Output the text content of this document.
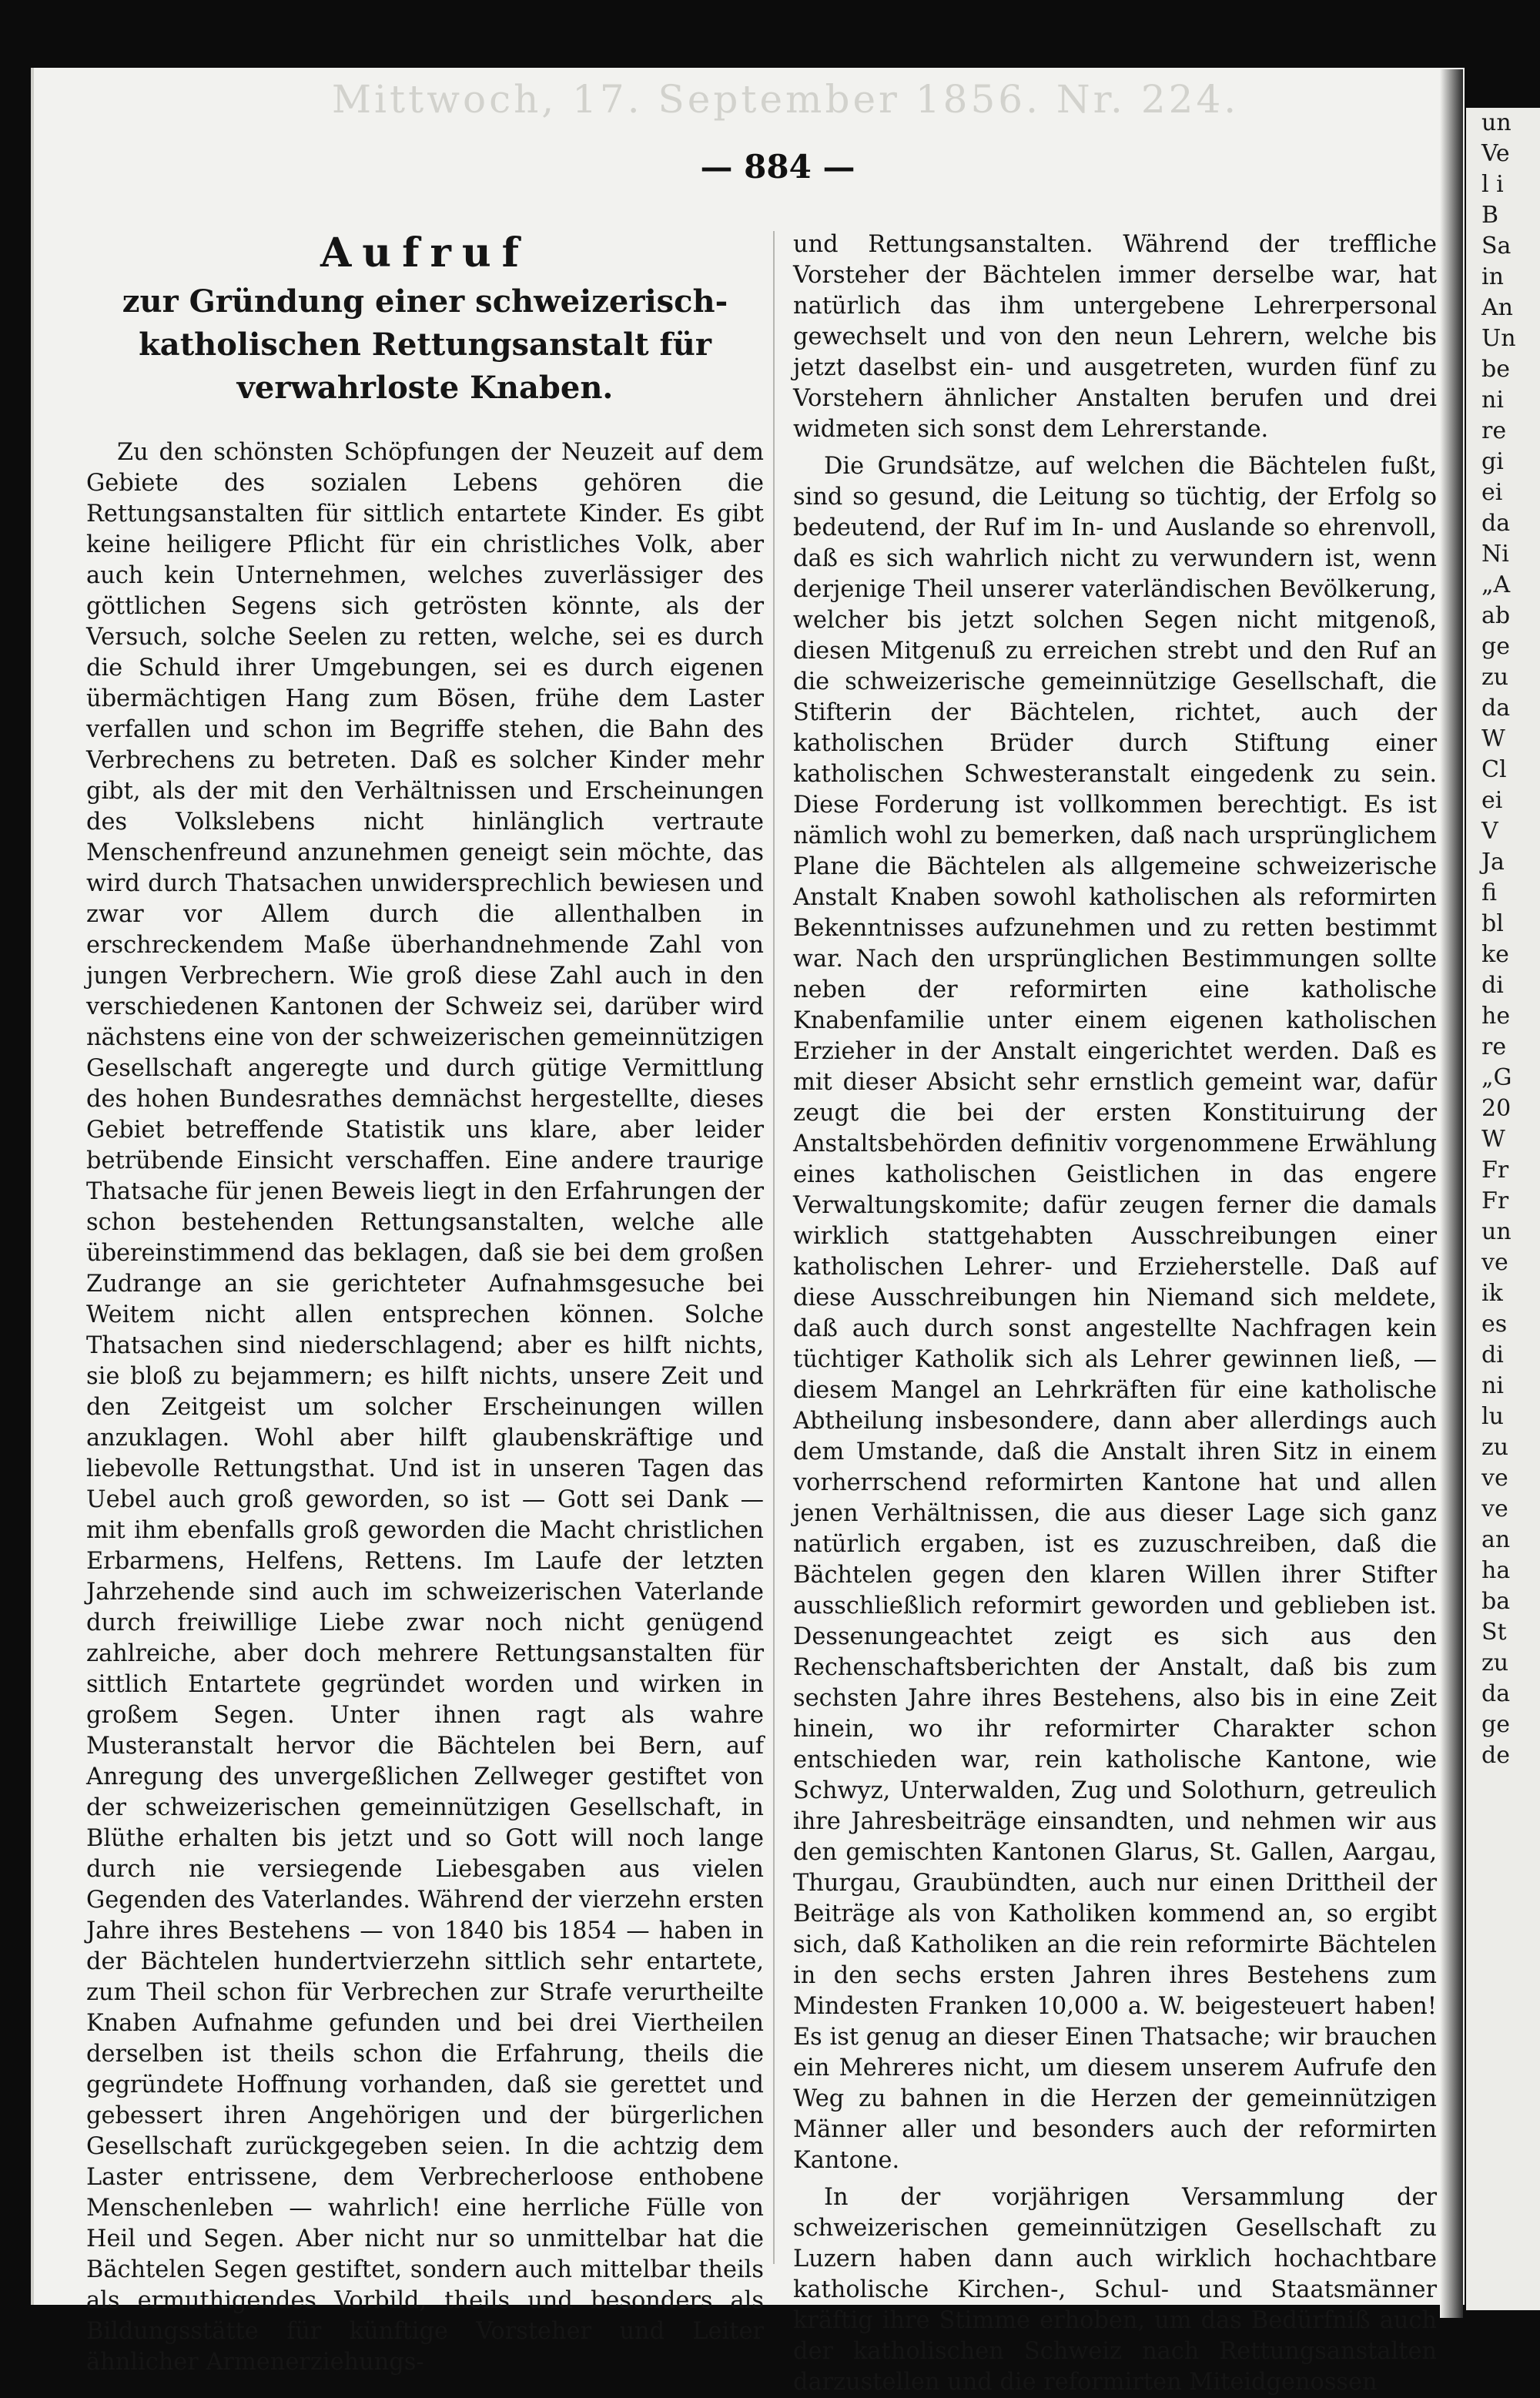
Mittwoch, 17. September 1856. Nr. 224.
— 884 —
Aufruf
zur Gründung einer schweizerisch-katholischen Rettungsanstalt für verwahrloste Knaben.

Zu den schönsten Schöpfungen der Neuzeit auf dem Gebiete des sozialen Lebens gehören die Rettungsanstalten für sittlich entartete Kinder. Es gibt keine heiligere Pflicht für ein christliches Volk, aber auch kein Unternehmen, welches zuverlässiger des göttlichen Segens sich getrösten könnte, als der Versuch, solche Seelen zu retten, welche, sei es durch die Schuld ihrer Umgebungen, sei es durch eigenen übermächtigen Hang zum Bösen, frühe dem Laster verfallen und schon im Begriffe stehen, die Bahn des Verbrechens zu betreten. Daß es solcher Kinder mehr gibt, als der mit den Verhältnissen und Erscheinungen des Volkslebens nicht hinlänglich vertraute Menschenfreund anzunehmen geneigt sein möchte, das wird durch Thatsachen unwidersprechlich bewiesen und zwar vor Allem durch die allenthalben in erschreckendem Maße überhandnehmende Zahl von jungen Verbrechern. Wie groß diese Zahl auch in den verschiedenen Kantonen der Schweiz sei, darüber wird nächstens eine von der schweizerischen gemeinnützigen Gesellschaft angeregte und durch gütige Vermittlung des hohen Bundesrathes demnächst hergestellte, dieses Gebiet betreffende Statistik uns klare, aber leider betrübende Einsicht verschaffen. Eine andere traurige Thatsache für jenen Beweis liegt in den Erfahrungen der schon bestehenden Rettungsanstalten, welche alle übereinstimmend das beklagen, daß sie bei dem großen Zudrange an sie gerichteter Aufnahmsgesuche bei Weitem nicht allen entsprechen können. Solche Thatsachen sind niederschlagend; aber es hilft nichts, sie bloß zu bejammern; es hilft nichts, unsere Zeit und den Zeitgeist um solcher Erscheinungen willen anzuklagen. Wohl aber hilft glaubenskräftige und liebevolle Rettungsthat. Und ist in unseren Tagen das Uebel auch groß geworden, so ist — Gott sei Dank — mit ihm ebenfalls groß geworden die Macht christlichen Erbarmens, Helfens, Rettens. Im Laufe der letzten Jahrzehende sind auch im schweizerischen Vaterlande durch freiwillige Liebe zwar noch nicht genügend zahlreiche, aber doch mehrere Rettungsanstalten für sittlich Entartete gegründet worden und wirken in großem Segen. Unter ihnen ragt als wahre Musteranstalt hervor die Bächtelen bei Bern, auf Anregung des unvergeßlichen Zellweger gestiftet von der schweizerischen gemeinnützigen Gesellschaft, in Blüthe erhalten bis jetzt und so Gott will noch lange durch nie versiegende Liebesgaben aus vielen Gegenden des Vaterlandes. Während der vierzehn ersten Jahre ihres Bestehens — von 1840 bis 1854 — haben in der Bächtelen hundertvierzehn sittlich sehr entartete, zum Theil schon für Verbrechen zur Strafe verurtheilte Knaben Aufnahme gefunden und bei drei Viertheilen derselben ist theils schon die Erfahrung, theils die gegründete Hoffnung vorhanden, daß sie gerettet und gebessert ihren Angehörigen und der bürgerlichen Gesellschaft zurückgegeben seien. In die achtzig dem Laster entrissene, dem Verbrecherloose enthobene Menschenleben — wahrlich! eine herrliche Fülle von Heil und Segen. Aber nicht nur so unmittelbar hat die Bächtelen Segen gestiftet, sondern auch mittelbar theils als ermuthigendes Vorbild, theils und besonders als Bildungsstätte für künftige Vorsteher und Leiter ähnlicher Armenerziehungs-

und Rettungsanstalten. Während der treffliche Vorsteher der Bächtelen immer derselbe war, hat natürlich das ihm untergebene Lehrerpersonal gewechselt und von den neun Lehrern, welche bis jetzt daselbst ein- und ausgetreten, wurden fünf zu Vorstehern ähnlicher Anstalten berufen und drei widmeten sich sonst dem Lehrerstande.

Die Grundsätze, auf welchen die Bächtelen fußt, sind so gesund, die Leitung so tüchtig, der Erfolg so bedeutend, der Ruf im In- und Auslande so ehrenvoll, daß es sich wahrlich nicht zu verwundern ist, wenn derjenige Theil unserer vaterländischen Bevölkerung, welcher bis jetzt solchen Segen nicht mitgenoß, diesen Mitgenuß zu erreichen strebt und den Ruf an die schweizerische gemeinnützige Gesellschaft, die Stifterin der Bächtelen, richtet, auch der katholischen Brüder durch Stiftung einer katholischen Schwesteranstalt eingedenk zu sein. Diese Forderung ist vollkommen berechtigt. Es ist nämlich wohl zu bemerken, daß nach ursprünglichem Plane die Bächtelen als allgemeine schweizerische Anstalt Knaben sowohl katholischen als reformirten Bekenntnisses aufzunehmen und zu retten bestimmt war. Nach den ursprünglichen Bestimmungen sollte neben der reformirten eine katholische Knabenfamilie unter einem eigenen katholischen Erzieher in der Anstalt eingerichtet werden. Daß es mit dieser Absicht sehr ernstlich gemeint war, dafür zeugt die bei der ersten Konstituirung der Anstaltsbehörden definitiv vorgenommene Erwählung eines katholischen Geistlichen in das engere Verwaltungskomite; dafür zeugen ferner die damals wirklich stattgehabten Ausschreibungen einer katholischen Lehrer- und Erzieherstelle. Daß auf diese Ausschreibungen hin Niemand sich meldete, daß auch durch sonst angestellte Nachfragen kein tüchtiger Katholik sich als Lehrer gewinnen ließ, — diesem Mangel an Lehrkräften für eine katholische Abtheilung insbesondere, dann aber allerdings auch dem Umstande, daß die Anstalt ihren Sitz in einem vorherrschend reformirten Kantone hat und allen jenen Verhältnissen, die aus dieser Lage sich ganz natürlich ergaben, ist es zuzuschreiben, daß die Bächtelen gegen den klaren Willen ihrer Stifter ausschließlich reformirt geworden und geblieben ist. Dessenungeachtet zeigt es sich aus den Rechenschaftsberichten der Anstalt, daß bis zum sechsten Jahre ihres Bestehens, also bis in eine Zeit hinein, wo ihr reformirter Charakter schon entschieden war, rein katholische Kantone, wie Schwyz, Unterwalden, Zug und Solothurn, getreulich ihre Jahresbeiträge einsandten, und nehmen wir aus den gemischten Kantonen Glarus, St. Gallen, Aargau, Thurgau, Graubündten, auch nur einen Drittheil der Beiträge als von Katholiken kommend an, so ergibt sich, daß Katholiken an die rein reformirte Bächtelen in den sechs ersten Jahren ihres Bestehens zum Mindesten Franken 10,000 a. W. beigesteuert haben! Es ist genug an dieser Einen Thatsache; wir brauchen ein Mehreres nicht, um diesem unserem Aufrufe den Weg zu bahnen in die Herzen der gemeinnützigen Männer aller und besonders auch der reformirten Kantone.

In der vorjährigen Versammlung der schweizerischen gemeinnützigen Gesellschaft zu Luzern haben dann auch wirklich hochachtbare katholische Kirchen-, Schul- und Staatsmänner kräftig ihre Stimme erhoben, um das Bedürfniß auch der katholischen Schweiz nach Rettungsanstalten darzustellen und die reformirten Miteidgenossen

un
Ve
l i
B
Sa
in
An
Un
be
ni
re
gi
ei
da
Ni
„A
ab
ge
zu
da
W
Cl
ei
V
Ja
fi
bl
ke
di
he
re
„G
20
W
Fr
Fr
un
ve
ik
es
di
ni
lu
zu
ve
ve
an
ha
ba
St
zu
da
ge
de
